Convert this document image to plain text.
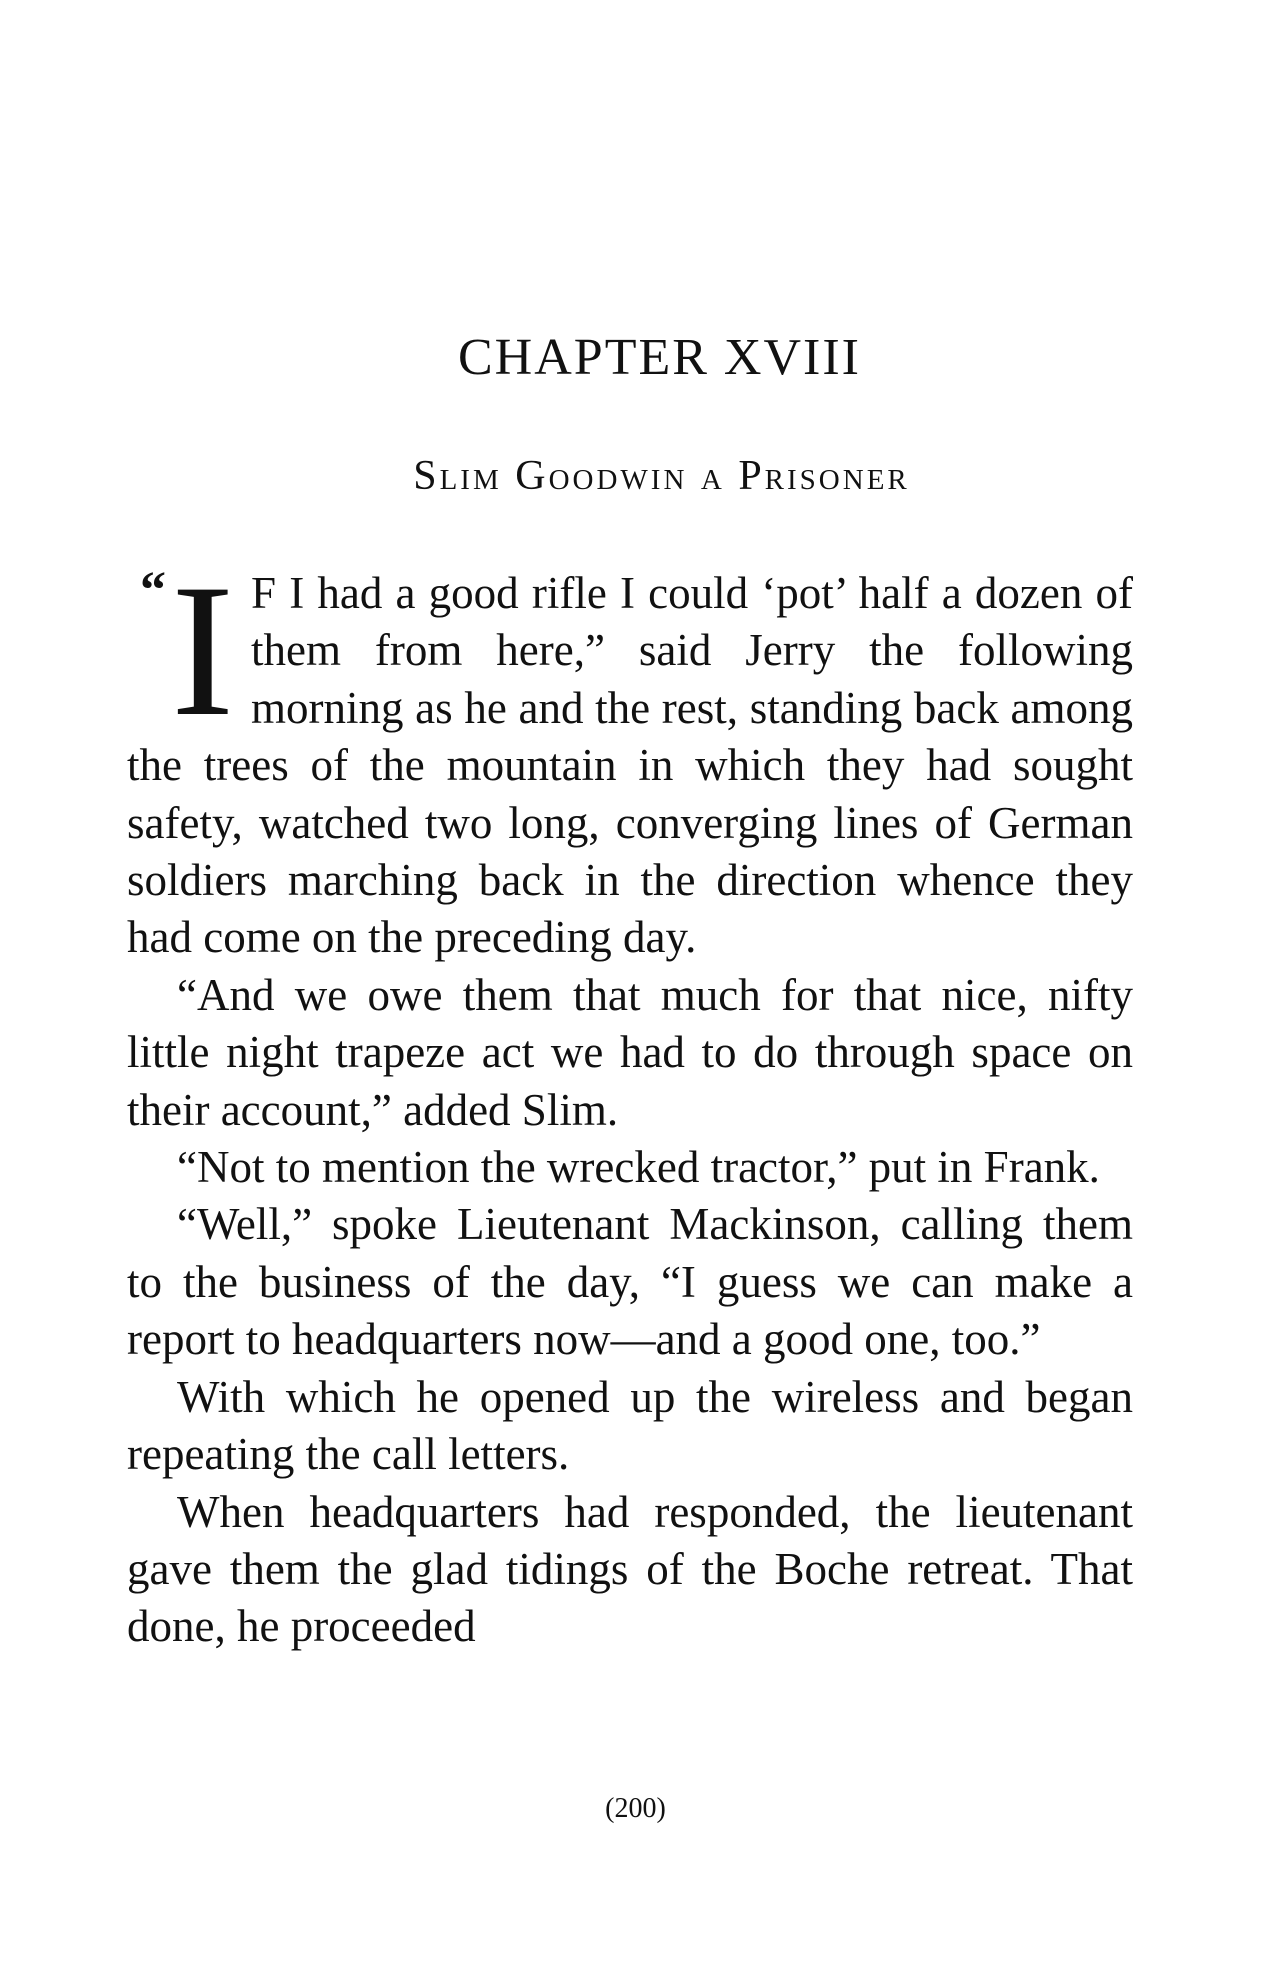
CHAPTER XVIII
Slim Goodwin a Prisoner

“ I F I had a good rifle I could ‘pot’ half a dozen of them from here,” said Jerry the following morning as he and the rest, standing back among the trees of the mountain in which they had sought safety, watched two long, converging lines of German soldiers marching back in the direction whence they had come on the preceding day.

“And we owe them that much for that nice, nifty little night trapeze act we had to do through space on their account,” added Slim.

“Not to mention the wrecked tractor,” put in Frank.

“Well,” spoke Lieutenant Mackinson, calling them to the business of the day, “I guess we can make a report to headquarters now—and a good one, too.”

With which he opened up the wireless and began repeating the call letters.

When headquarters had responded, the lieutenant gave them the glad tidings of the Boche retreat. That done, he proceeded

(200)
